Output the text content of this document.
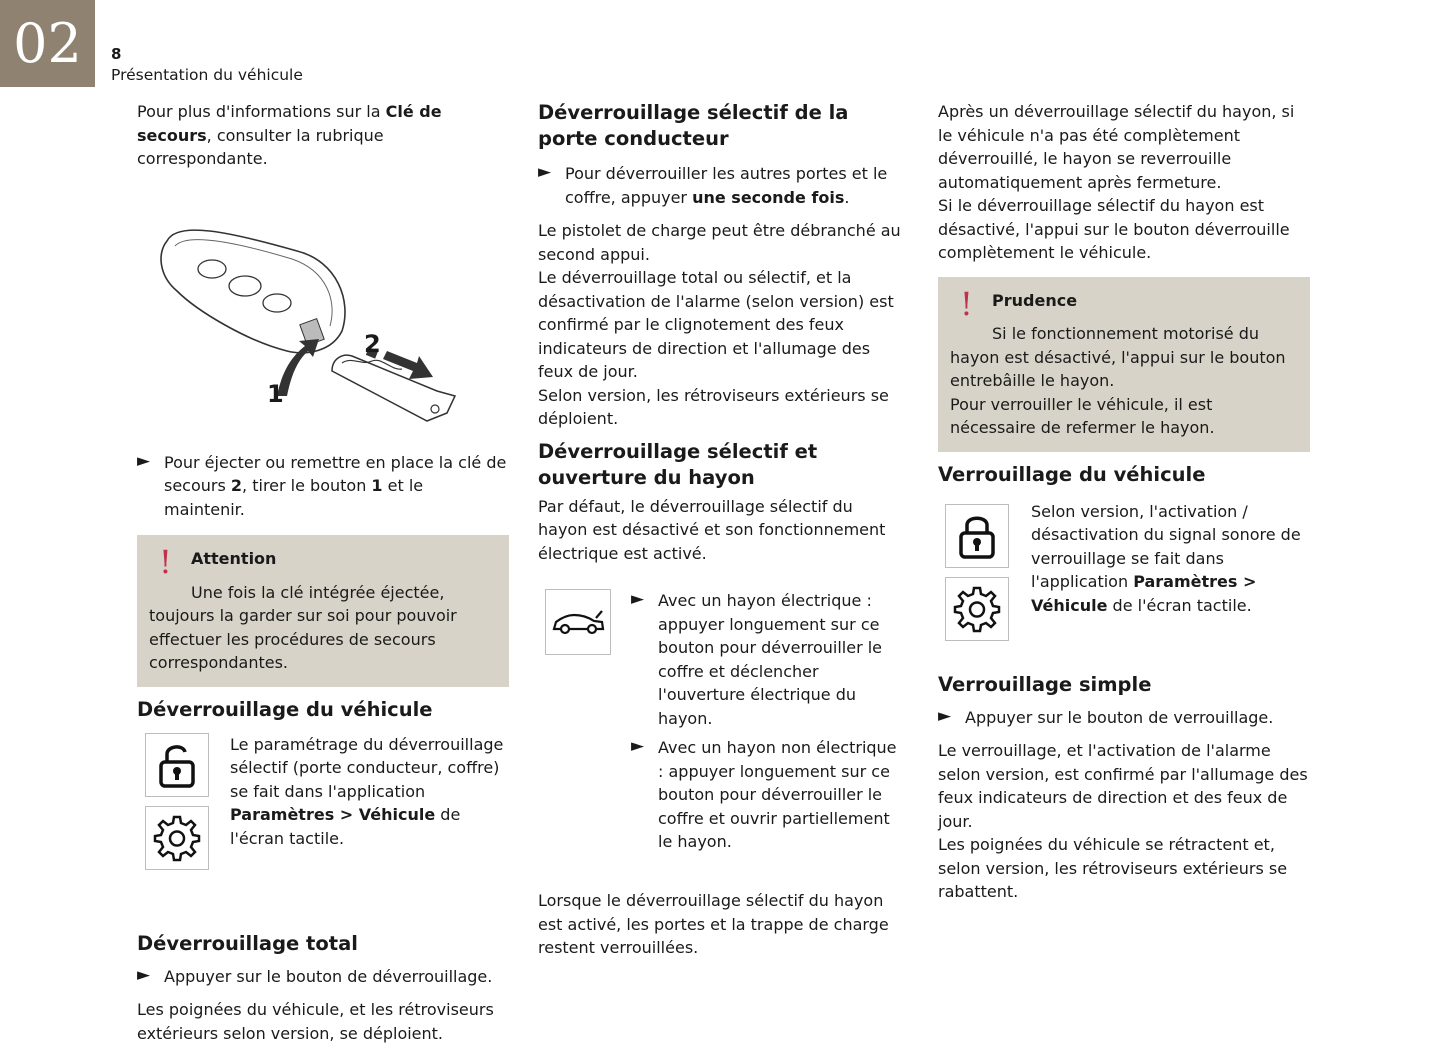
02	8
Présentation du véhicule

Pour plus d'informations sur la Clé de secours, consulter la rubrique correspondante.

1
2
► Pour éjecter ou remettre en place la clé de secours 2, tirer le bouton 1 et le maintenir.
!	Attention
Une fois la clé intégrée éjectée,
toujours la garder sur soi pour pouvoir effectuer les procédures de secours correspondantes.
Déverrouillage du véhicule
Le paramétrage du déverrouillage sélectif (porte conducteur, coffre) se fait dans l'application Paramètres > Véhicule de l'écran tactile.
Déverrouillage total
► Appuyer sur le bouton de déverrouillage.

Les poignées du véhicule, et les rétroviseurs extérieurs selon version, se déploient.

Déverrouillage sélectif de la porte conducteur
► Pour déverrouiller les autres portes et le coffre, appuyer une seconde fois.

Le pistolet de charge peut être débranché au second appui.

Le déverrouillage total ou sélectif, et la désactivation de l'alarme (selon version) est confirmé par le clignotement des feux indicateurs de direction et l'allumage des feux de jour.

Selon version, les rétroviseurs extérieurs se déploient.

Déverrouillage sélectif et ouverture du hayon

Par défaut, le déverrouillage sélectif du hayon est désactivé et son fonctionnement électrique est activé.

► Avec un hayon électrique : appuyer longuement sur ce bouton pour déverrouiller le coffre et déclencher l'ouverture électrique du hayon.
► Avec un hayon non électrique : appuyer longuement sur ce bouton pour déverrouiller le coffre et ouvrir partiellement le hayon.

Lorsque le déverrouillage sélectif du hayon est activé, les portes et la trappe de charge restent verrouillées.

Après un déverrouillage sélectif du hayon, si le véhicule n'a pas été complètement déverrouillé, le hayon se reverrouille automatiquement après fermeture.

Si le déverrouillage sélectif du hayon est désactivé, l'appui sur le bouton déverrouille complètement le véhicule.

!	Prudence
Si le fonctionnement motorisé du
hayon est désactivé, l'appui sur le bouton entrebâille le hayon.
Pour verrouiller le véhicule, il est nécessaire de refermer le hayon.
Verrouillage du véhicule
Selon version, l'activation / désactivation du signal sonore de verrouillage se fait dans l'application Paramètres > Véhicule de l'écran tactile.
Verrouillage simple
► Appuyer sur le bouton de verrouillage.

Le verrouillage, et l'activation de l'alarme selon version, est confirmé par l'allumage des feux indicateurs de direction et des feux de jour.

Les poignées du véhicule se rétractent et, selon version, les rétroviseurs extérieurs se rabattent.
